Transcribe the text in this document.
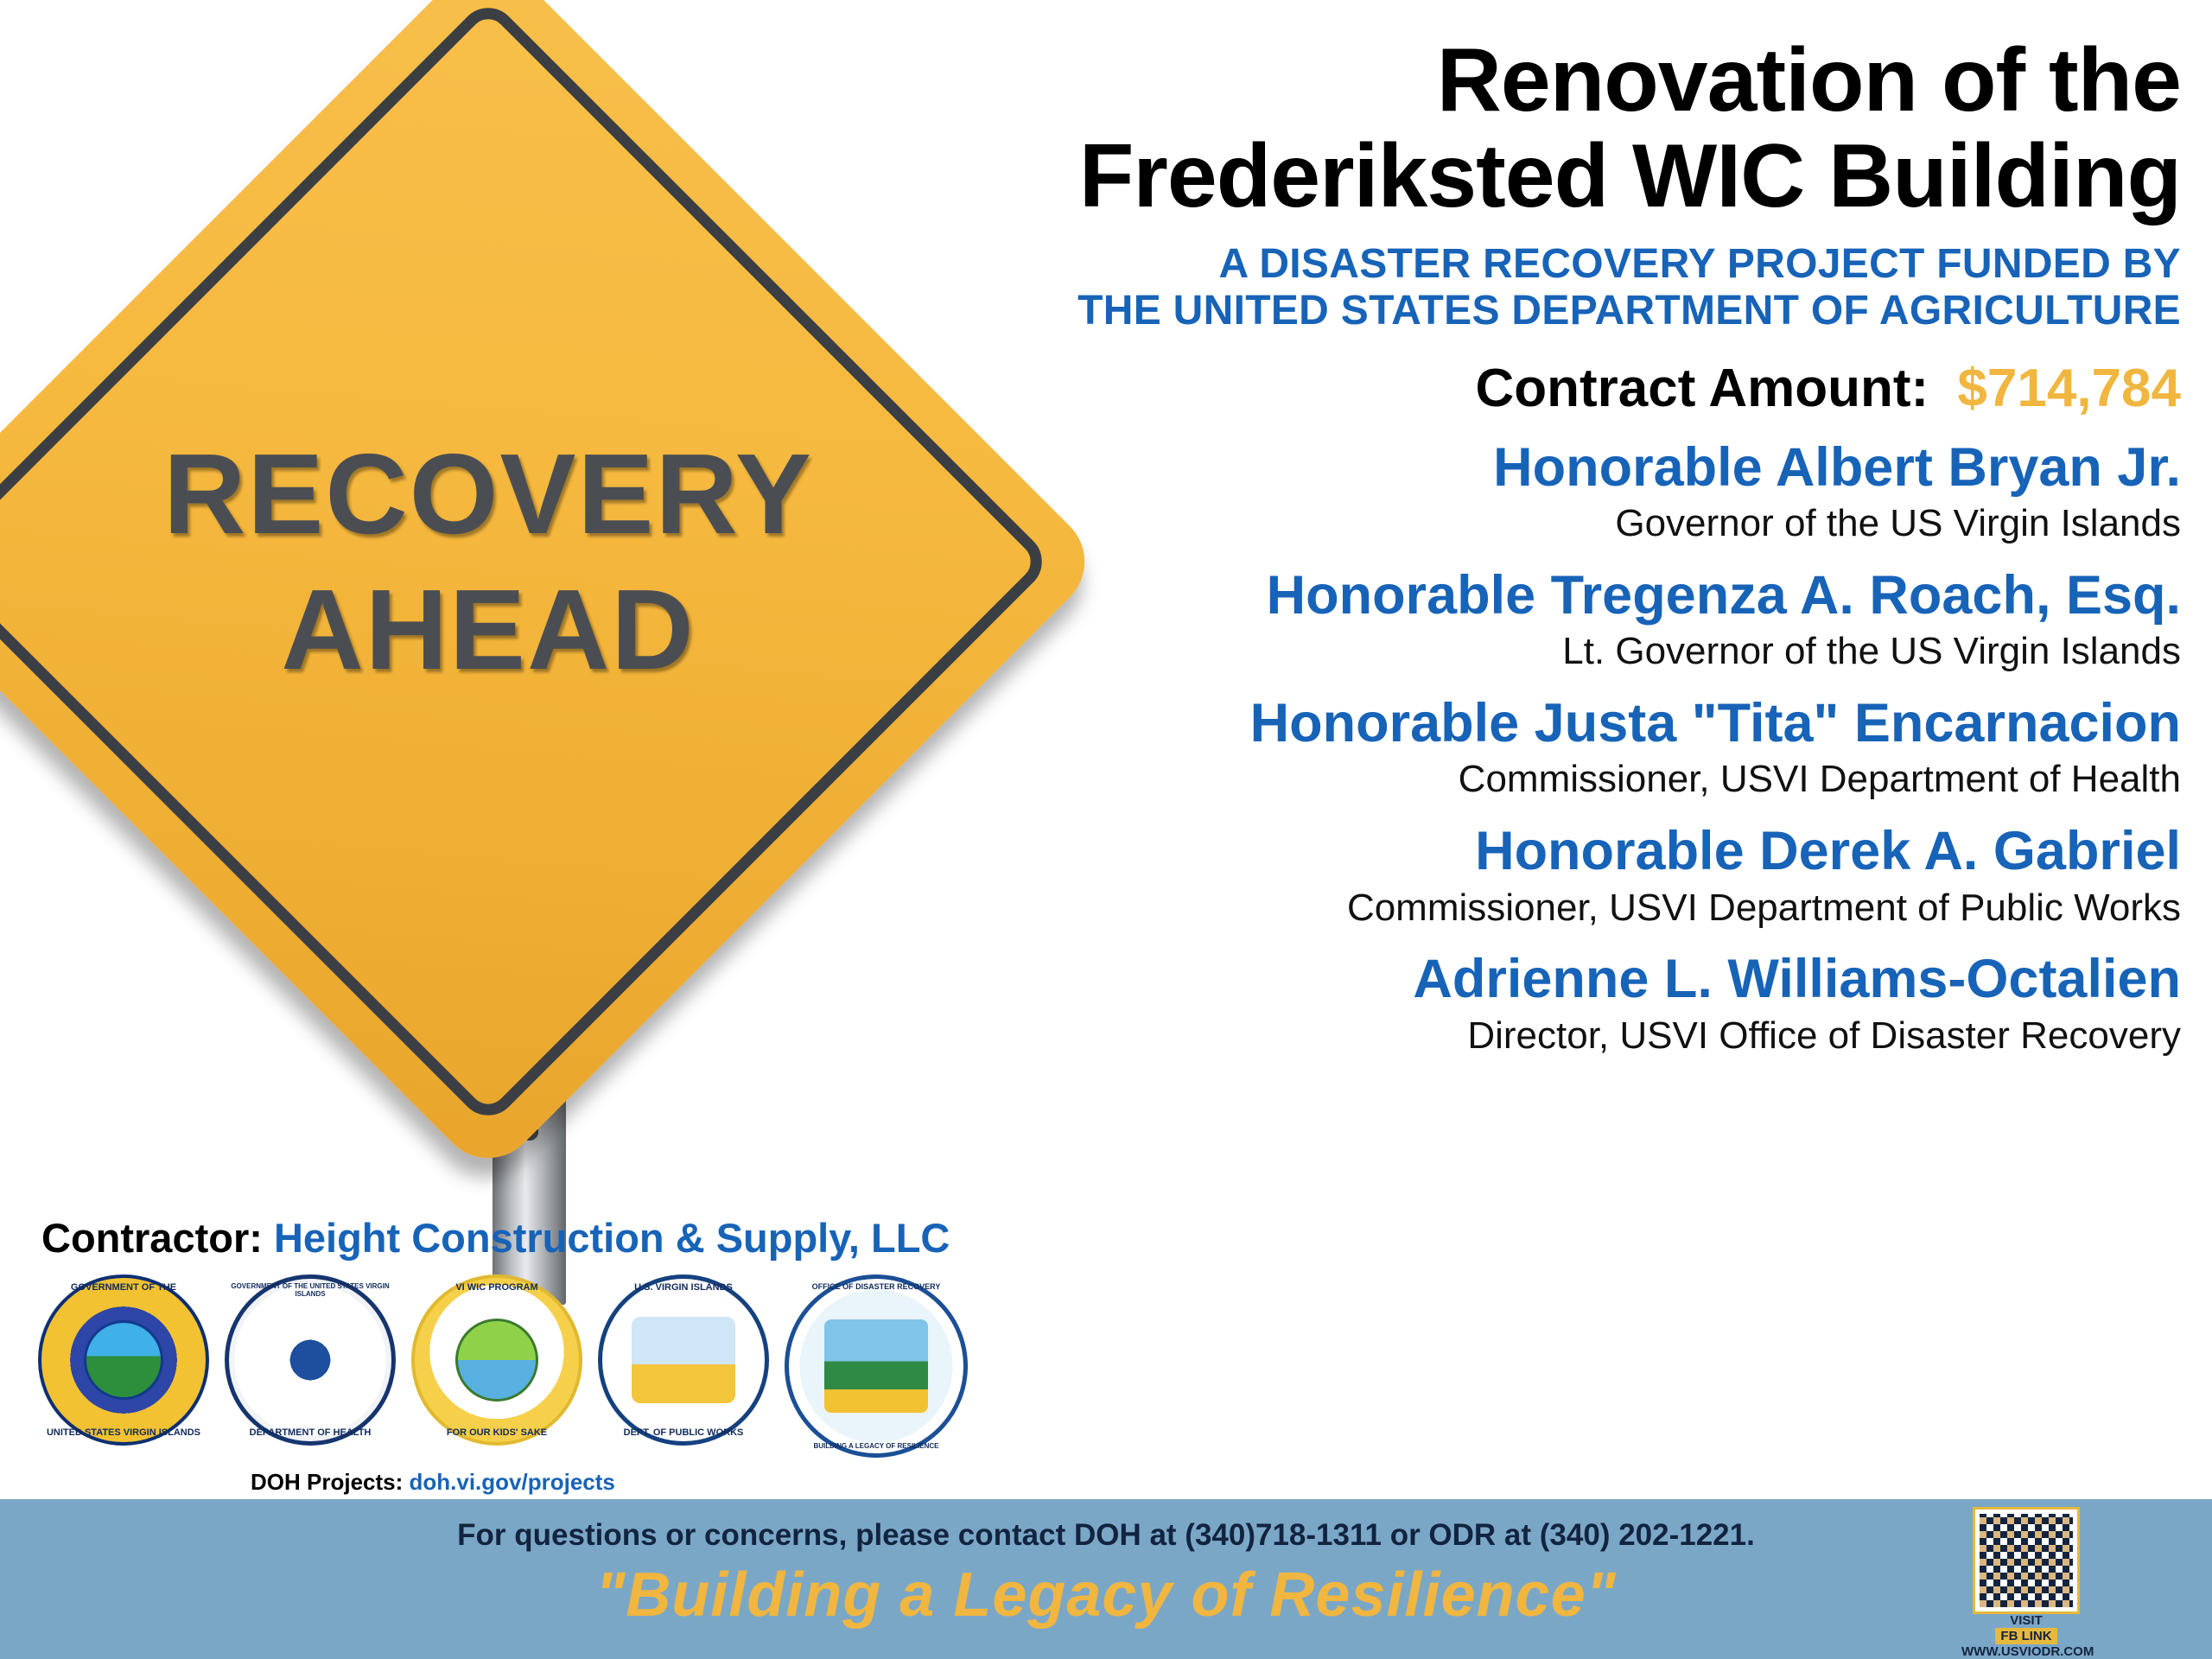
RECOVERY
AHEAD
Contractor: Height Construction & Supply, LLC
GOVERNMENT OF THE
UNITED STATES VIRGIN ISLANDS
GOVERNMENT OF THE UNITED STATES VIRGIN ISLANDS
DEPARTMENT OF HEALTH
VI WIC PROGRAM
FOR OUR KIDS' SAKE
U.S. VIRGIN ISLANDS
DEPT. OF PUBLIC WORKS
OFFICE OF DISASTER RECOVERY
BUILDING A LEGACY OF RESILIENCE
DOH Projects: doh.vi.gov/projects
Renovation of the
Frederiksted WIC Building
A DISASTER RECOVERY PROJECT FUNDED BY
THE UNITED STATES DEPARTMENT OF AGRICULTURE
Contract Amount: $714,784
Honorable Albert Bryan Jr.
Governor of the US Virgin Islands
Honorable Tregenza A. Roach, Esq.
Lt. Governor of the US Virgin Islands
Honorable Justa "Tita" Encarnacion
Commissioner, USVI Department of Health
Honorable Derek A. Gabriel
Commissioner, USVI Department of Public Works
Adrienne L. Williams-Octalien
Director, USVI Office of Disaster Recovery
For questions or concerns, please contact DOH at (340)718-1311 or ODR at (340) 202-1221.
"Building a Legacy of Resilience"	VISIT
FB LINK
WWW.USVIODR.COM
